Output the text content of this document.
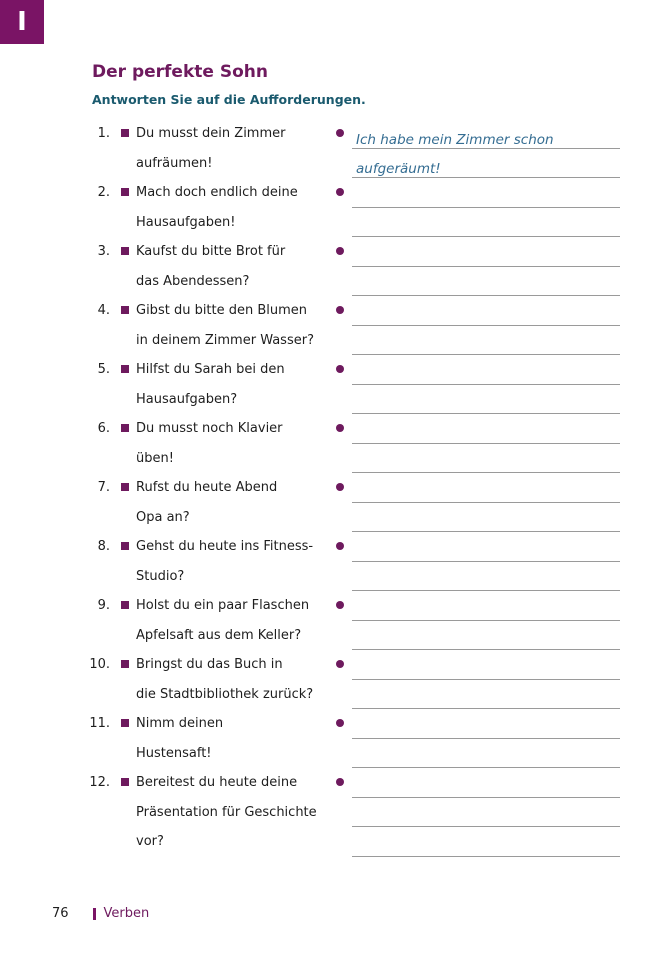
I
Der perfekte Sohn

Antworten Sie auf die Aufforderungen.

1. Du musst dein Zimmer
aufräumen!
Ich habe mein Zimmer schon
aufgeräumt!
2. Mach doch endlich deine
Hausaufgaben!
3. Kaufst du bitte Brot für
das Abendessen?
4. Gibst du bitte den Blumen
in deinem Zimmer Wasser?
5. Hilfst du Sarah bei den
Hausaufgaben?
6. Du musst noch Klavier
üben!
7. Rufst du heute Abend
Opa an?
8. Gehst du heute ins Fitness-
Studio?
9. Holst du ein paar Flaschen
Apfelsaft aus dem Keller?
10. Bringst du das Buch in
die Stadtbibliothek zurück?
11. Nimm deinen
Hustensaft!
12. Bereitest du heute deine
Präsentation für Geschichte
vor?
76	Verben
